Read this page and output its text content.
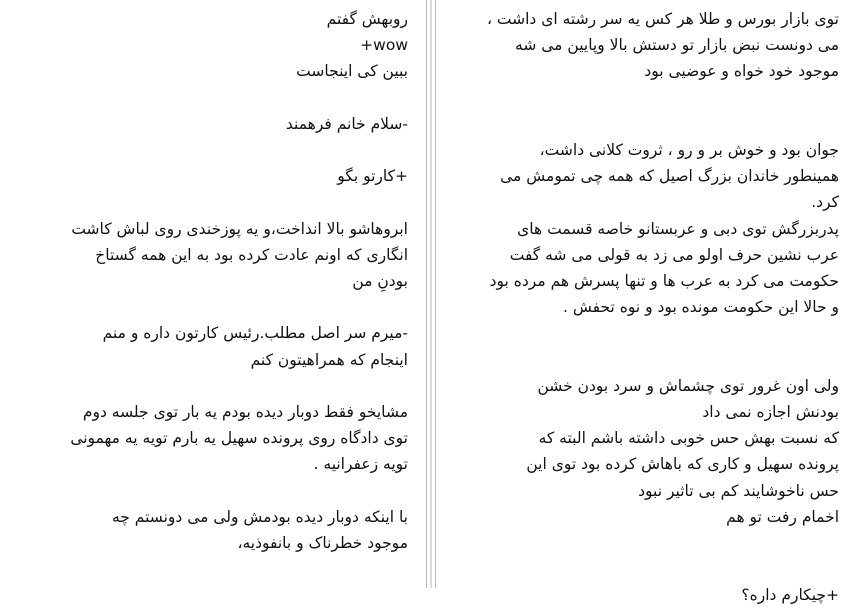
روبهش گفتم
wow+
ببین کی اینجاست
-سلام خانم فرهمند
+کارتو بگو
ابروهاشو بالا انداخت،و یه پوزخندی روی لباش کاشت
انگاری که اونم عادت کرده بود به این همه گستاخ
بودنِ من
-میرم سر اصل مطلب.رئیس کارتون داره و منم
اینجام که همراهیتون کنم
مشایخو فقط دوبار دیده بودم یه بار توی جلسه دوم
توی دادگاه روی پرونده سهیل یه بارم تویه یه مهمونی
تویه زعفرانیه .
با اینکه دوبار دیده بودمش ولی می دونستم چه
موجود خطرناک و بانفوذیه،
توی بازار بورس و طلا هر کس یه سر رشته ای داشت ،
می دونست نبض بازار تو دستش بالا وپایین می شه
موجود خود خواه و عوضیی بود
جوان بود و خوش بر و رو ، ثروت کلانی داشت،
همینطور خاندان بزرگ اصیل که همه چی تمومش می
کرد.
پدربزرگش توی دبی و عربستانو خاصه قسمت های
عرب نشین حرف اولو می زد به قولی می شه گفت
حکومت می کرد به عرب ها و تنها پسرش هم مرده بود
و حالا این حکومت مونده بود و نوه تحفش .
ولی اون غرور توی چشماش و سرد بودن خشن
بودنش اجازه نمی داد
که نسبت بهش حس خوبی داشته باشم البته که
پرونده سهیل و کاری که باهاش کرده بود توی این
حس ناخوشایند کم بی تاثیر نبود
اخمام رفت تو هم
+چیکارم داره؟
